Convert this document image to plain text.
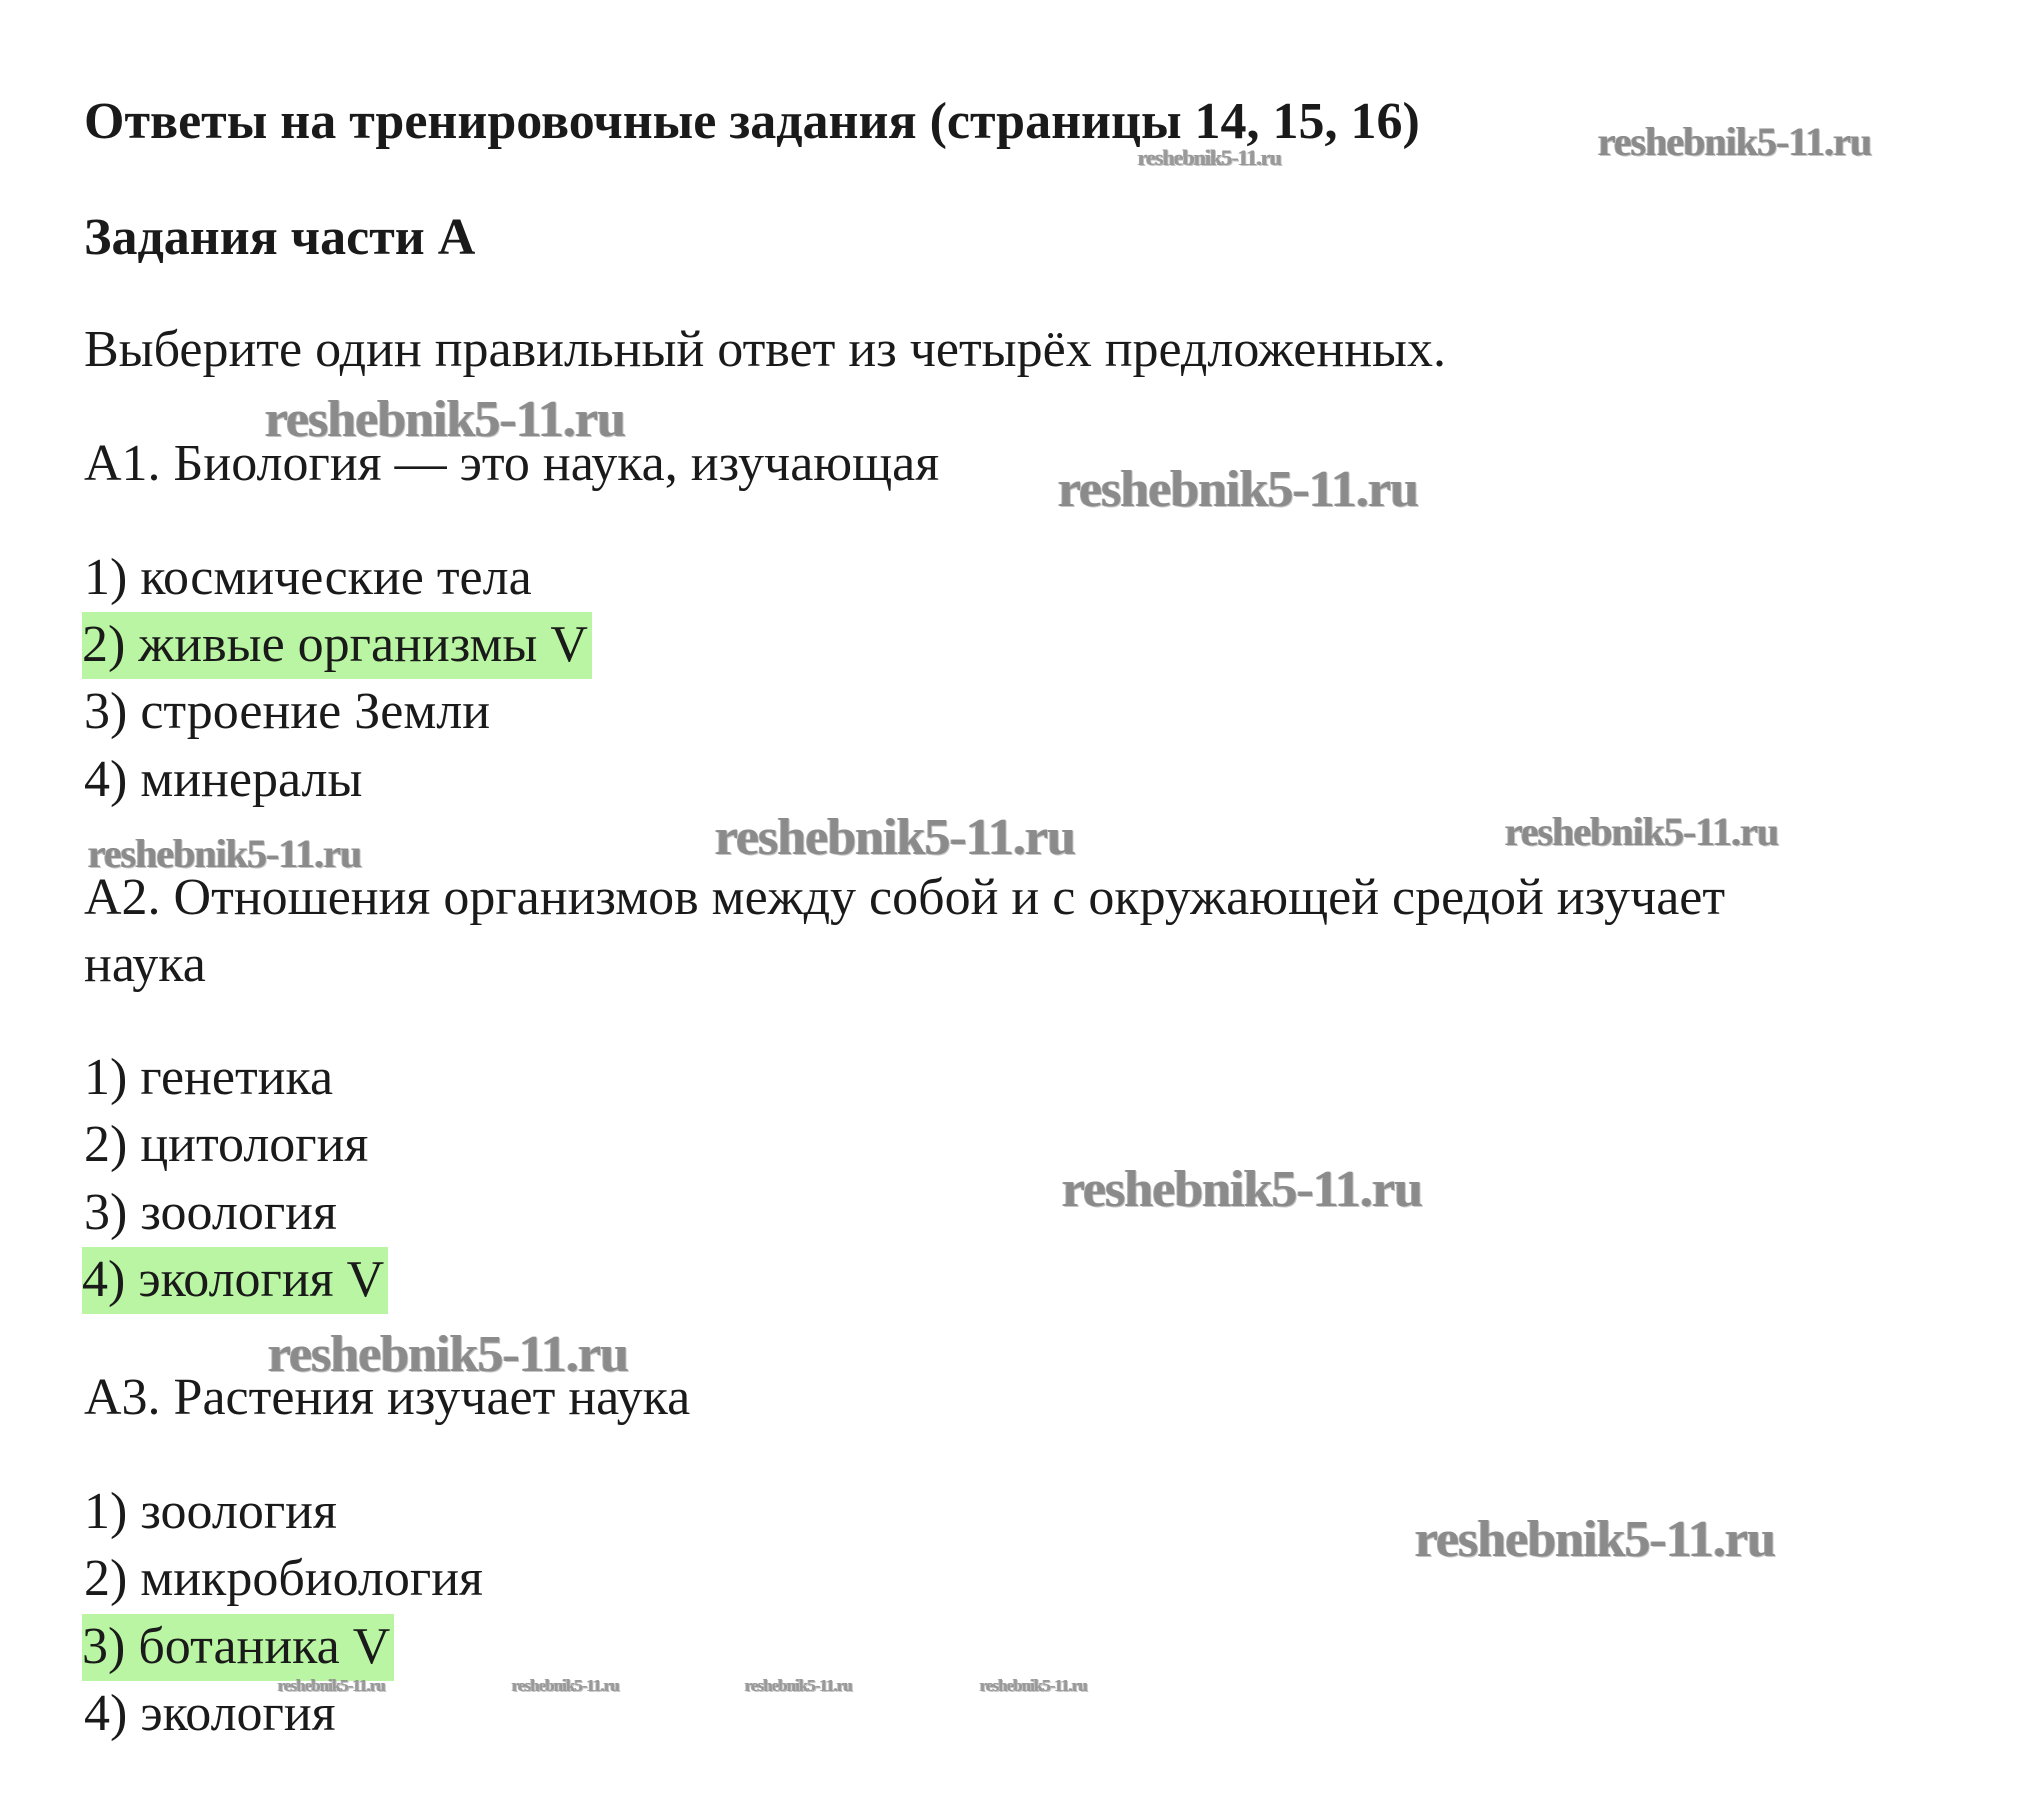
Ответы на тренировочные задания (страницы 14, 15, 16)
Задания части А
Выберите один правильный ответ из четырёх предложенных.
А1. Биология — это наука, изучающая
1) космические тела
2) живые организмы V
3) строение Земли
4) минералы
А2. Отношения организмов между собой и с окружающей средой изучает
наука
1) генетика
2) цитология
3) зоология
4) экология V
А3. Растения изучает наука
1) зоология
2) микробиология
3) ботаника V
4) экология
reshebnik5-11.ru
reshebnik5-11.ru
reshebnik5-11.ru
reshebnik5-11.ru
reshebnik5-11.ru	reshebnik5-11.ru	reshebnik5-11.ru
reshebnik5-11.ru
reshebnik5-11.ru
reshebnik5-11.ru
reshebnik5-11.ru	reshebnik5-11.ru	reshebnik5-11.ru	reshebnik5-11.ru
